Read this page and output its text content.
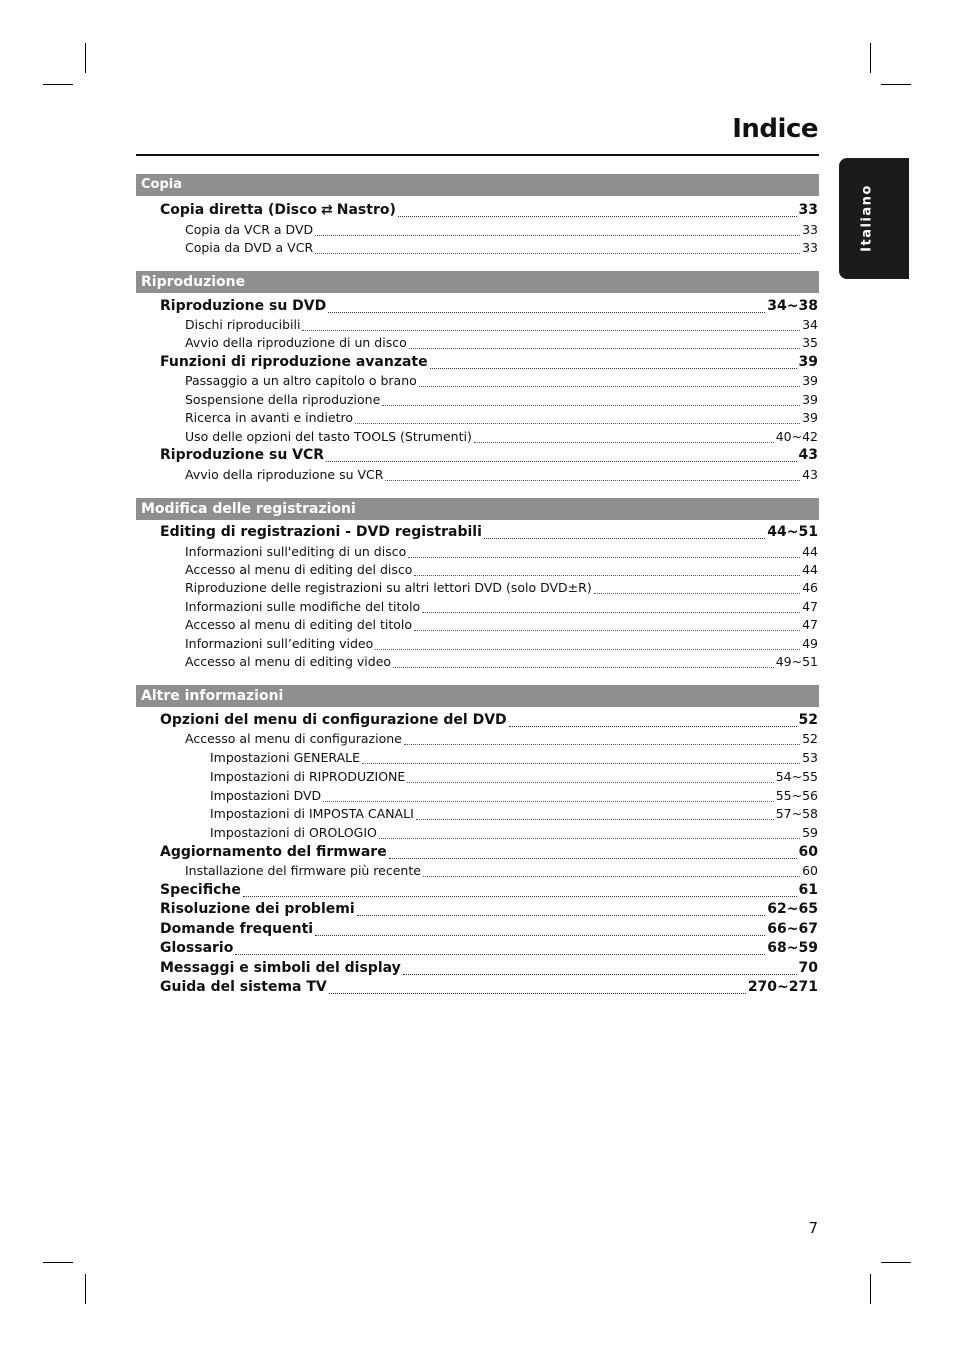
Indice
Italiano
Copia
Copia diretta (Disco ⇄ Nastro)	33
Copia da VCR a DVD	33
Copia da DVD a VCR	33
Riproduzione
Riproduzione su DVD	34~38
Dischi riproducibili	34
Avvio della riproduzione di un disco	35
Funzioni di riproduzione avanzate	39
Passaggio a un altro capitolo o brano	39
Sospensione della riproduzione	39
Ricerca in avanti e indietro	39
Uso delle opzioni del tasto TOOLS (Strumenti)	40~42
Riproduzione su VCR	43
Avvio della riproduzione su VCR	43
Modifica delle registrazioni
Editing di registrazioni - DVD registrabili	44~51
Informazioni sull'editing di un disco	44
Accesso al menu di editing del disco	44
Riproduzione delle registrazioni su altri lettori DVD (solo DVD±R)	46
Informazioni sulle modifiche del titolo	47
Accesso al menu di editing del titolo	47
Informazioni sull’editing video	49
Accesso al menu di editing video	49~51
Altre informazioni
Opzioni del menu di configurazione del DVD	52
Accesso al menu di configurazione	52
Impostazioni GENERALE	53
Impostazioni di RIPRODUZIONE	54~55
Impostazioni DVD	55~56
Impostazioni di IMPOSTA CANALI	57~58
Impostazioni di OROLOGIO	59
Aggiornamento del firmware	60
Installazione del firmware più recente	60
Specifiche	61
Risoluzione dei problemi	62~65
Domande frequenti	66~67
Glossario	68~59
Messaggi e simboli del display	70
Guida del sistema TV	270~271
7
